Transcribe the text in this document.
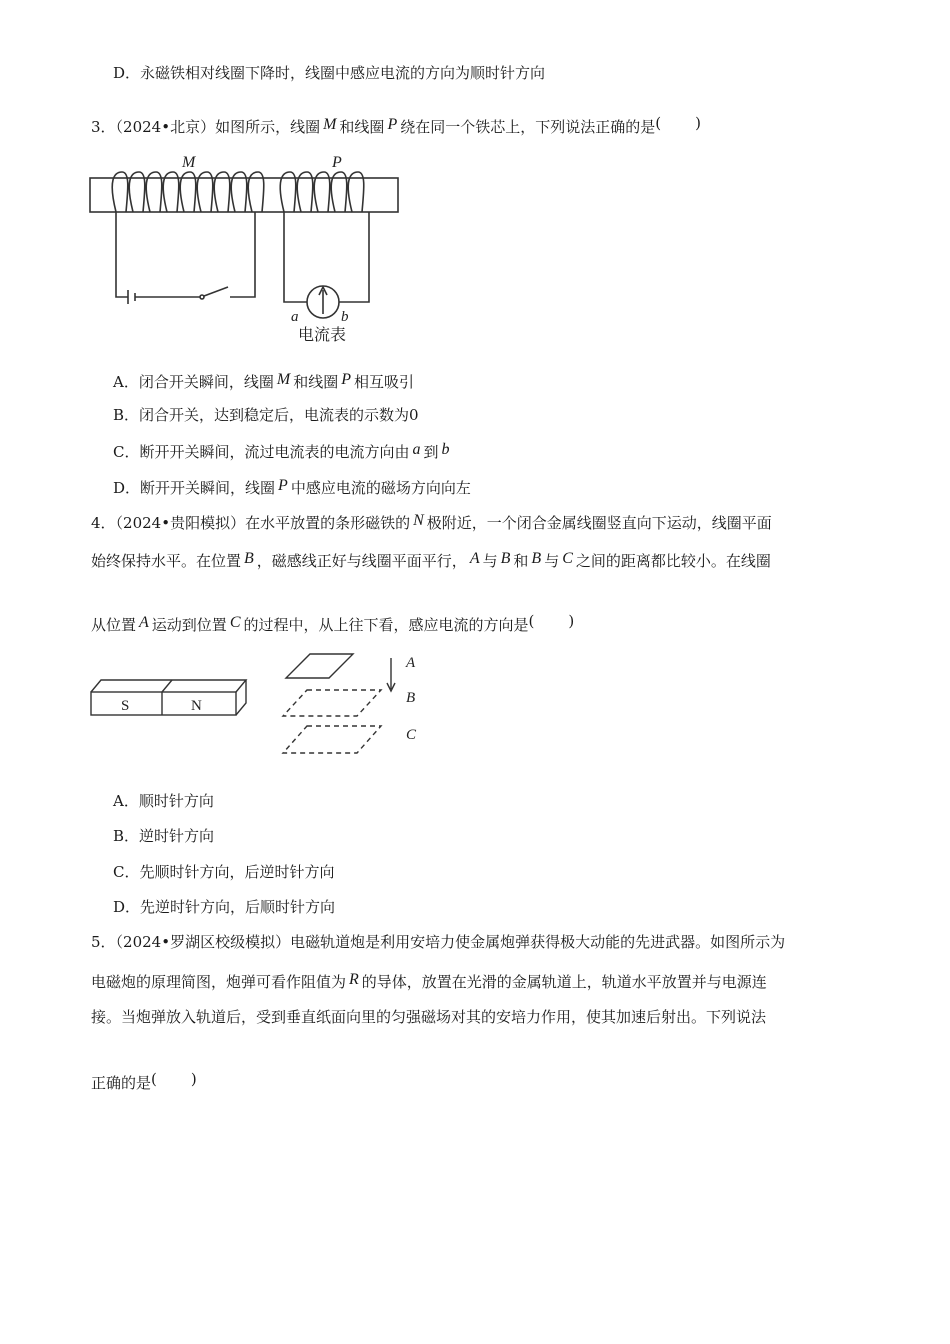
D．永磁铁相对线圈下降时，线圈中感应电流的方向为顺时针方向
3．（2024•北京）如图所示，线圈 M 和线圈 P 绕在同一个铁芯上，下列说法正确的是( )
M	P
a	b
电流表
A．闭合开关瞬间，线圈 M 和线圈 P 相互吸引
B．闭合开关，达到稳定后，电流表的示数为0
C．断开开关瞬间，流过电流表的电流方向由 a 到 b
D．断开开关瞬间，线圈 P 中感应电流的磁场方向向左
4．（2024•贵阳模拟）在水平放置的条形磁铁的 N 极附近，一个闭合金属线圈竖直向下运动，线圈平面
始终保持水平。在位置 B ，磁感线正好与线圈平面平行， A 与 B 和 B 与 C 之间的距离都比较小。在线圈
从位置 A 运动到位置 C 的过程中，从上往下看，感应电流的方向是( )
S	N
A
B
C
A．顺时针方向
B．逆时针方向
C．先顺时针方向，后逆时针方向
D．先逆时针方向，后顺时针方向
5．（2024•罗湖区校级模拟）电磁轨道炮是利用安培力使金属炮弹获得极大动能的先进武器。如图所示为
电磁炮的原理简图，炮弹可看作阻值为 R 的导体，放置在光滑的金属轨道上，轨道水平放置并与电源连
接。当炮弹放入轨道后，受到垂直纸面向里的匀强磁场对其的安培力作用，使其加速后射出。下列说法
正确的是( )
